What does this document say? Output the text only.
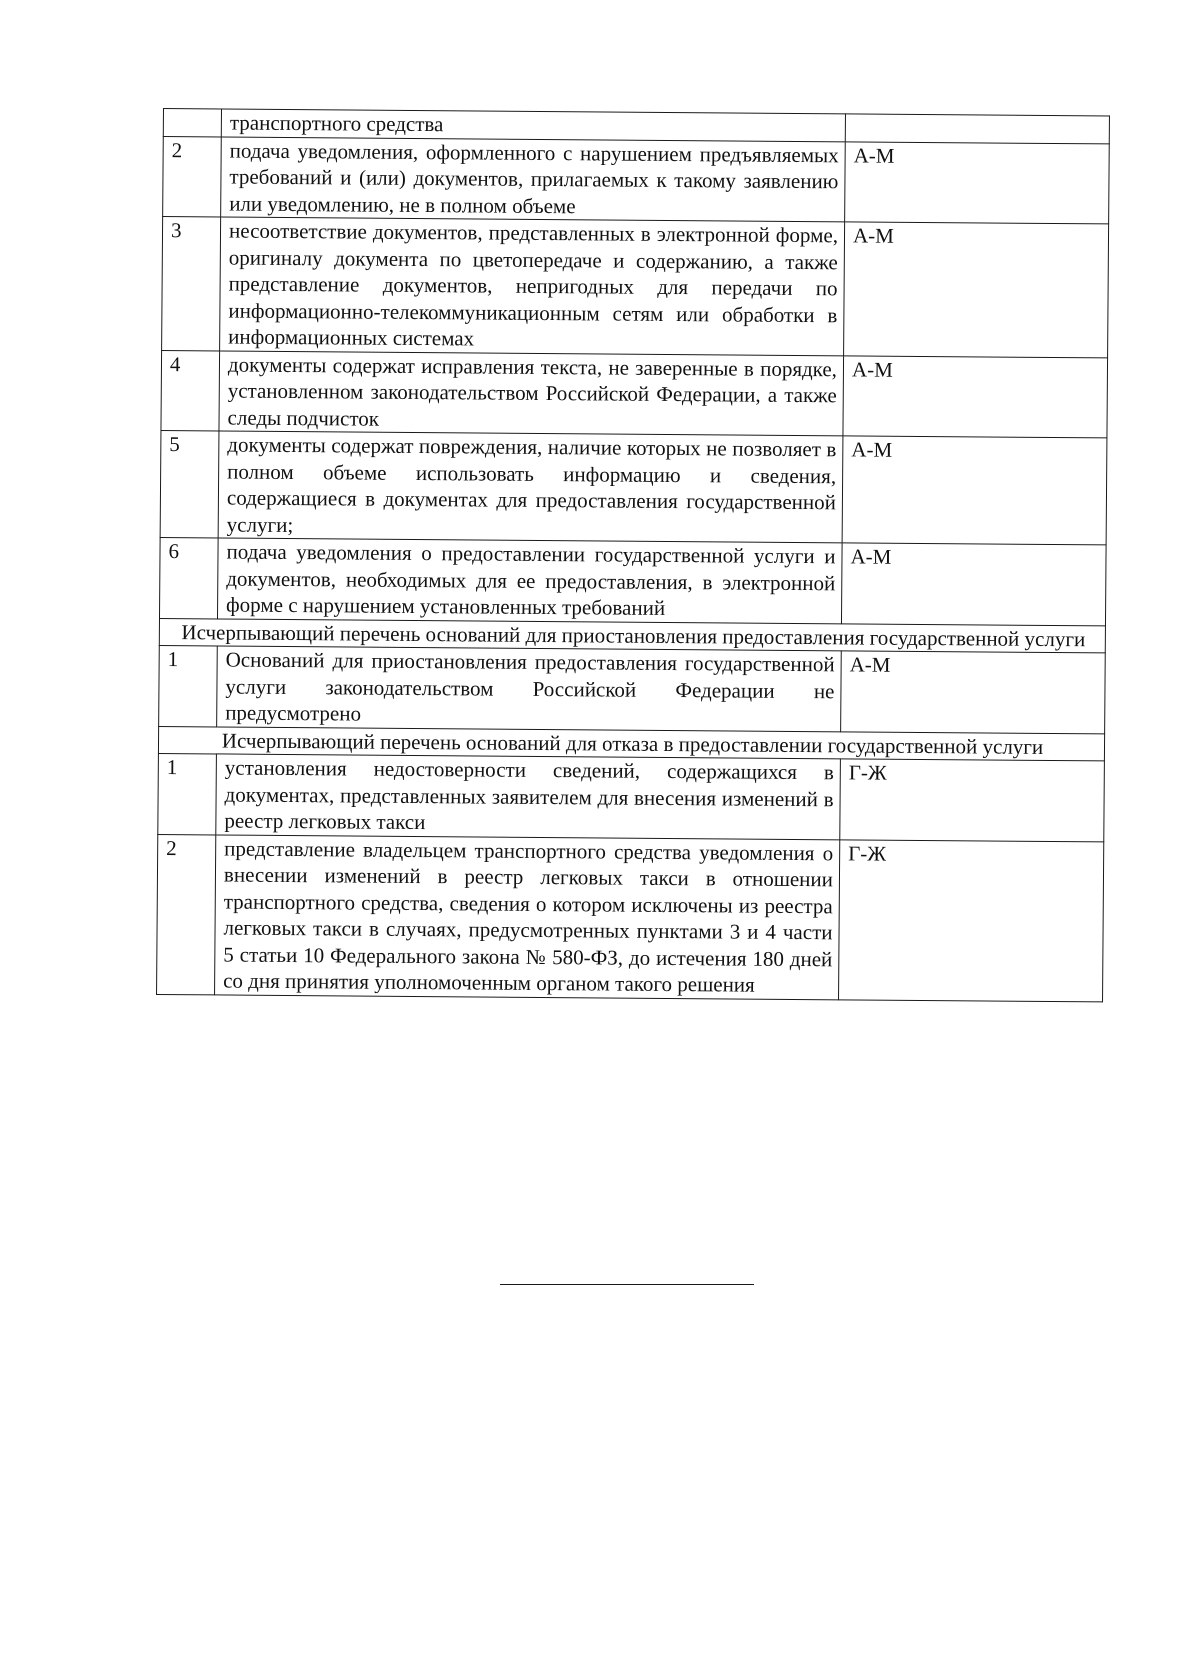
	транспортного средства	
2	подача уведомления, оформленного с нарушением предъявляемых требований и (или) документов, прилагаемых к такому заявлению или уведомлению, не в полном объеме	А-М
3	несоответствие документов, представленных в электронной форме, оригиналу документа по цветопередаче и содержанию, а также представление документов, непригодных для передачи по информационно-телекоммуникационным сетям или обработки в информационных системах	А-М
4	документы содержат исправления текста, не заверенные в порядке, установленном законодательством Российской Федерации, а также следы подчисток	А-М
5	документы содержат повреждения, наличие которых не позволяет в полном объеме использовать информацию и сведения, содержащиеся в документах для предоставления государственной услуги;	А-М
6	подача уведомления о предоставлении государственной услуги и документов, необходимых для ее предоставления, в электронной форме с нарушением установленных требований	А-М
Исчерпывающий перечень оснований для приостановления предоставления государственной услуги		
1	Оснований для приостановления предоставления государственной услуги законодательством Российской Федерации не предусмотрено	А-М
Исчерпывающий перечень оснований для отказа в предоставлении государственной услуги		
1	установления недостоверности сведений, содержащихся в документах, представленных заявителем для внесения изменений в реестр легковых такси	Г-Ж
2	представление владельцем транспортного средства уведомления о внесении изменений в реестр легковых такси в отношении транспортного средства, сведения о котором исключены из реестра легковых такси в случаях, предусмотренных пунктами 3 и 4 части 5 статьи 10 Федерального закона № 580-ФЗ, до истечения 180 дней со дня принятия уполномоченным органом такого решения	Г-Ж
